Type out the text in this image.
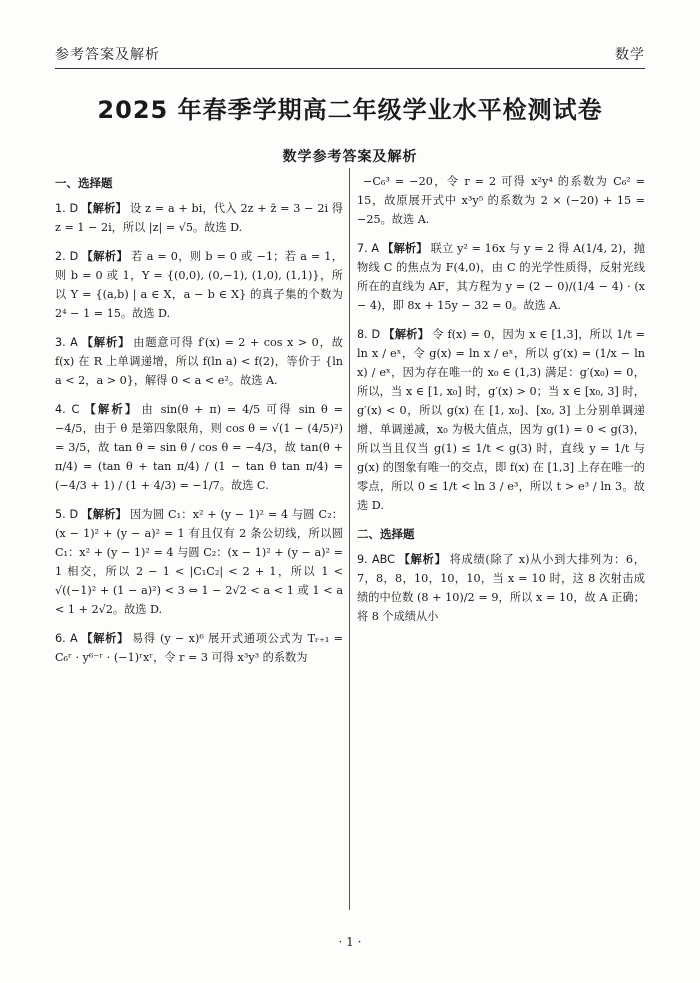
参考答案及解析	数学
2025 年春季学期高二年级学业水平检测试卷
数学参考答案及解析
一、选择题

1. D 【解析】 设 z = a + bi，代入 2z + z̄ = 3 − 2i 得 z = 1 − 2i，所以 |z| = √5。故选 D.

2. D 【解析】 若 a = 0，则 b = 0 或 −1；若 a = 1，则 b = 0 或 1，Y = {(0,0), (0,−1), (1,0), (1,1)}，所以 Y = {(a,b) | a ∈ X，a − b ∈ X} 的真子集的个数为 2⁴ − 1 = 15。故选 D.

3. A 【解析】 由题意可得 f′(x) = 2 + cos x > 0，故 f(x) 在 R 上单调递增，所以 f(ln a) < f(2)，等价于 {ln a < 2，a > 0}，解得 0 < a < e²。故选 A.

4. C 【解析】 由 sin(θ + π) = 4/5 可得 sin θ = −4/5，由于 θ 是第四象限角，则 cos θ = √(1 − (4/5)²) = 3/5，故 tan θ = sin θ / cos θ = −4/3，故 tan(θ + π/4) = (tan θ + tan π/4) / (1 − tan θ tan π/4) = (−4/3 + 1) / (1 + 4/3) = −1/7。故选 C.

5. D 【解析】 因为圆 C₁：x² + (y − 1)² = 4 与圆 C₂：(x − 1)² + (y − a)² = 1 有且仅有 2 条公切线，所以圆 C₁：x² + (y − 1)² = 4 与圆 C₂：(x − 1)² + (y − a)² = 1 相交，所以 2 − 1 < |C₁C₂| < 2 + 1，所以 1 < √((−1)² + (1 − a)²) < 3 ⇔ 1 − 2√2 < a < 1 或 1 < a < 1 + 2√2。故选 D.

6. A 【解析】 易得 (y − x)⁶ 展开式通项公式为 Tᵣ₊₁ = C₆ʳ · y⁶⁻ʳ · (−1)ʳxʳ，令 r = 3 可得 x³y³ 的系数为

−C₆³ = −20，令 r = 2 可得 x²y⁴ 的系数为 C₆² = 15，故原展开式中 x³y⁵ 的系数为 2 × (−20) + 15 = −25。故选 A.

7. A 【解析】 联立 y² = 16x 与 y = 2 得 A(1/4, 2)，抛物线 C 的焦点为 F(4,0)，由 C 的光学性质得，反射光线所在的直线为 AF，其方程为 y = (2 − 0)/(1/4 − 4) · (x − 4)，即 8x + 15y − 32 = 0。故选 A.

8. D 【解析】 令 f(x) = 0，因为 x ∈ [1,3]，所以 1/t = ln x / eˣ，令 g(x) = ln x / eˣ，所以 g′(x) = (1/x − ln x) / eˣ，因为存在唯一的 x₀ ∈ (1,3) 满足：g′(x₀) = 0，所以，当 x ∈ [1, x₀] 时，g′(x) > 0；当 x ∈ [x₀, 3] 时，g′(x) < 0，所以 g(x) 在 [1, x₀]、[x₀, 3] 上分别单调递增、单调递减，x₀ 为极大值点，因为 g(1) = 0 < g(3)，所以当且仅当 g(1) ≤ 1/t < g(3) 时，直线 y = 1/t 与 g(x) 的图象有唯一的交点，即 f(x) 在 [1,3] 上存在唯一的零点，所以 0 ≤ 1/t < ln 3 / e³，所以 t > e³ / ln 3。故选 D.

二、选择题

9. ABC 【解析】 将成绩(除了 x)从小到大排列为：6，7，8，8，10，10，10，当 x = 10 时，这 8 次射击成绩的中位数 (8 + 10)/2 = 9，所以 x = 10，故 A 正确；将 8 个成绩从小

· 1 ·
